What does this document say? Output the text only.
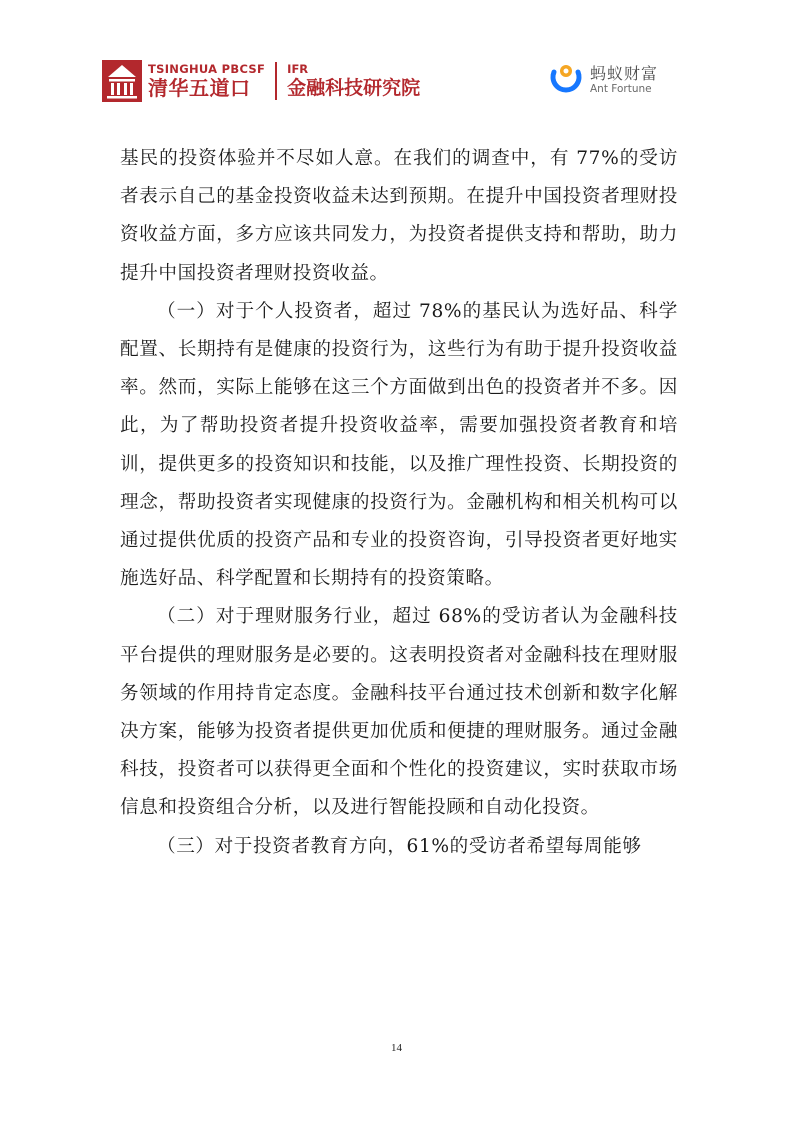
TSINGHUA PBCSF
清华五道口
IFR
金融科技研究院
蚂蚁财富
Ant Fortune

基民的投资体验并不尽如人意。在我们的调查中，有 77%的受访者表示自己的基金投资收益未达到预期。在提升中国投资者理财投资收益方面，多方应该共同发力，为投资者提供支持和帮助，助力提升中国投资者理财投资收益。

（一）对于个人投资者，超过 78%的基民认为选好品、科学配置、长期持有是健康的投资行为，这些行为有助于提升投资收益率。然而，实际上能够在这三个方面做到出色的投资者并不多。因此，为了帮助投资者提升投资收益率，需要加强投资者教育和培训，提供更多的投资知识和技能，以及推广理性投资、长期投资的理念，帮助投资者实现健康的投资行为。金融机构和相关机构可以通过提供优质的投资产品和专业的投资咨询，引导投资者更好地实施选好品、科学配置和长期持有的投资策略。

（二）对于理财服务行业，超过 68%的受访者认为金融科技平台提供的理财服务是必要的。这表明投资者对金融科技在理财服务领域的作用持肯定态度。金融科技平台通过技术创新和数字化解决方案，能够为投资者提供更加优质和便捷的理财服务。通过金融科技，投资者可以获得更全面和个性化的投资建议，实时获取市场信息和投资组合分析，以及进行智能投顾和自动化投资。

（三）对于投资者教育方向，61%的受访者希望每周能够

14
